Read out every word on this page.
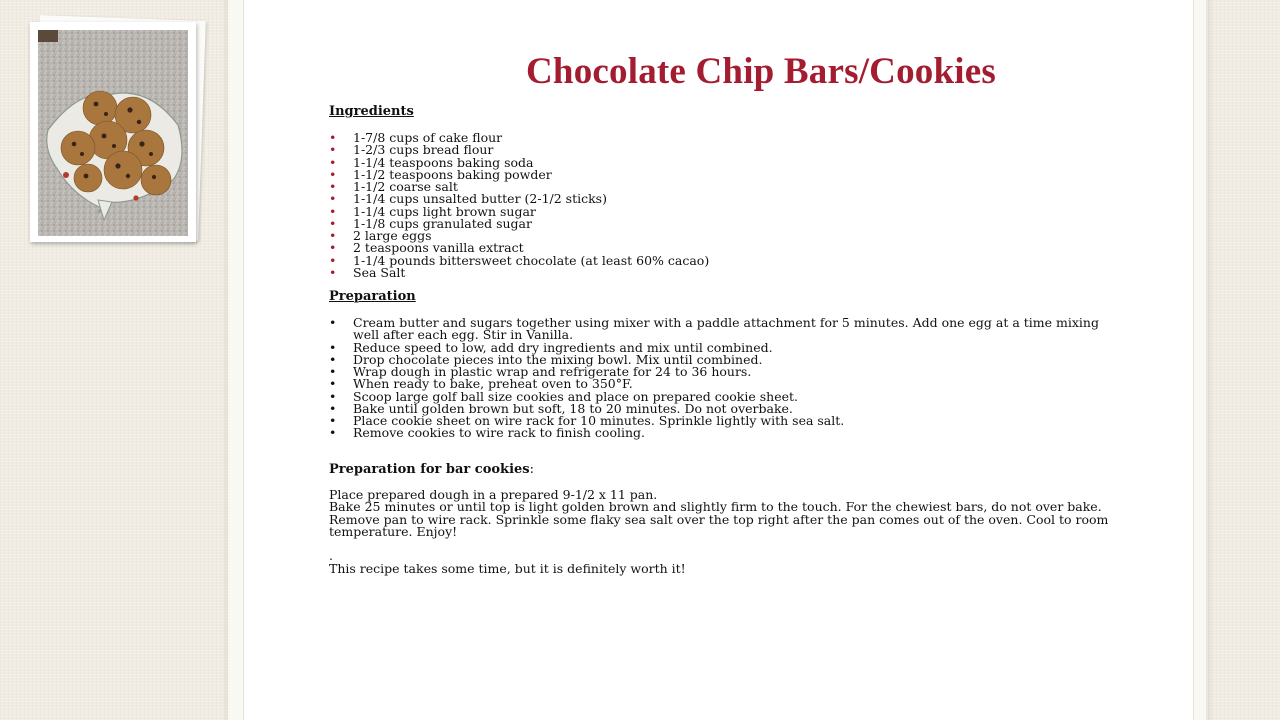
Chocolate Chip Bars/Cookies
Ingredients
• 1-7/8 cups of cake flour
• 1-2/3 cups bread flour
• 1-1/4 teaspoons baking soda
• 1-1/2 teaspoons baking powder
• 1-1/2 coarse salt
• 1-1/4 cups unsalted butter (2-1/2 sticks)
• 1-1/4 cups light brown sugar
• 1-1/8 cups granulated sugar
• 2 large eggs
• 2 teaspoons vanilla extract
• 1-1/4 pounds bittersweet chocolate (at least 60% cacao)
• Sea Salt
Preparation
• Cream butter and sugars together using mixer with a paddle attachment for 5 minutes. Add one egg at a time mixing well after each egg. Stir in Vanilla.
• Reduce speed to low, add dry ingredients and mix until combined.
• Drop chocolate pieces into the mixing bowl. Mix until combined.
• Wrap dough in plastic wrap and refrigerate for 24 to 36 hours.
• When ready to bake, preheat oven to 350°F.
• Scoop large golf ball size cookies and place on prepared cookie sheet.
• Bake until golden brown but soft, 18 to 20 minutes. Do not overbake.
• Place cookie sheet on wire rack for 10 minutes. Sprinkle lightly with sea salt.
• Remove cookies to wire rack to finish cooling.
Preparation for bar cookies:
Place prepared dough in a prepared 9-1/2 x 11 pan.
Bake 25 minutes or until top is light golden brown and slightly firm to the touch. For the chewiest bars, do not over bake.
Remove pan to wire rack. Sprinkle some flaky sea salt over the top right after the pan comes out of the oven. Cool to room temperature. Enjoy!
.
This recipe takes some time, but it is definitely worth it!
